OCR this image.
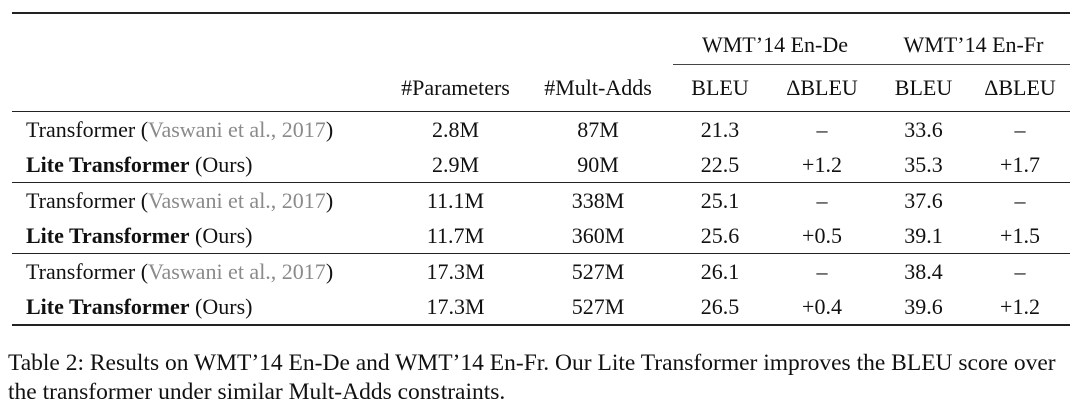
			WMT’14 En-De		WMT’14 En-Fr	
	#Parameters	#Mult-Adds	BLEU	ΔBLEU	BLEU	ΔBLEU
Transformer (Vaswani et al., 2017)	2.8M	87M	21.3	–	33.6	–
Lite Transformer (Ours)	2.9M	90M	22.5	+1.2	35.3	+1.7
Transformer (Vaswani et al., 2017)	11.1M	338M	25.1	–	37.6	–
Lite Transformer (Ours)	11.7M	360M	25.6	+0.5	39.1	+1.5
Transformer (Vaswani et al., 2017)	17.3M	527M	26.1	–	38.4	–
Lite Transformer (Ours)	17.3M	527M	26.5	+0.4	39.6	+1.2
Table 2: Results on WMT’14 En-De and WMT’14 En-Fr. Our Lite Transformer improves the BLEU score over the transformer under similar Mult-Adds constraints.
